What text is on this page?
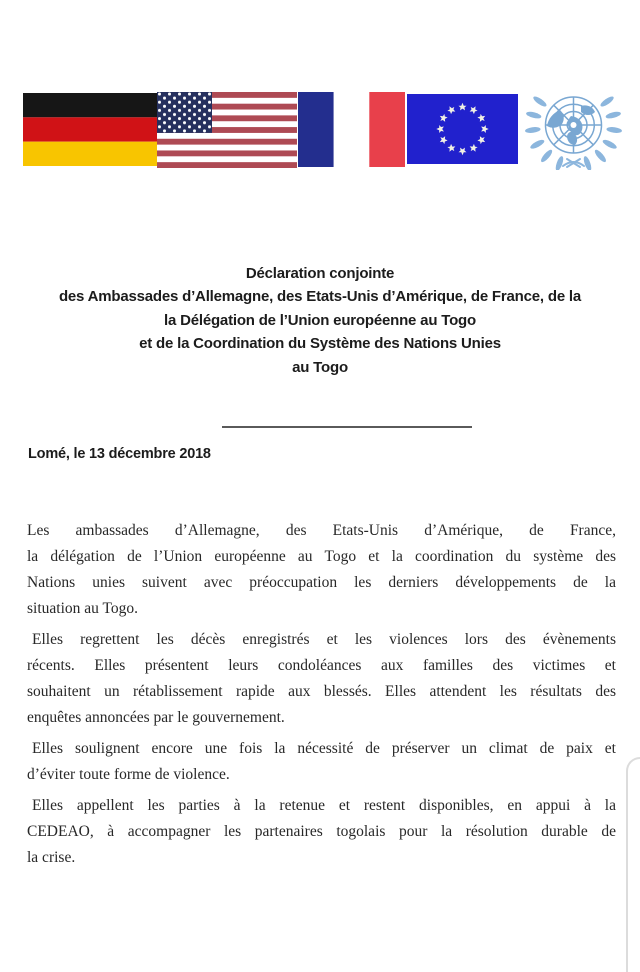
Déclaration conjointe
des Ambassades d’Allemagne, des Etats-Unis d’Amérique, de France, de la
la Délégation de l’Union européenne au Togo
et de la Coordination du Système des Nations Unies
au Togo
Lomé, le 13 décembre 2018

Les ambassades d’Allemagne, des Etats-Unis d’Amérique, de France,
la délégation de l’Union européenne au Togo et la coordination du système des
Nations unies suivent avec préoccupation les derniers développements de la
situation au Togo.

Elles regrettent les décès enregistrés et les violences lors des évènements
récents. Elles présentent leurs condoléances aux familles des victimes et
souhaitent un rétablissement rapide aux blessés. Elles attendent les résultats des
enquêtes annoncées par le gouvernement.

Elles soulignent encore une fois la nécessité de préserver un climat de paix et
d’éviter toute forme de violence.

Elles appellent les parties à la retenue et restent disponibles, en appui à la
CEDEAO, à accompagner les partenaires togolais pour la résolution durable de
la crise.
